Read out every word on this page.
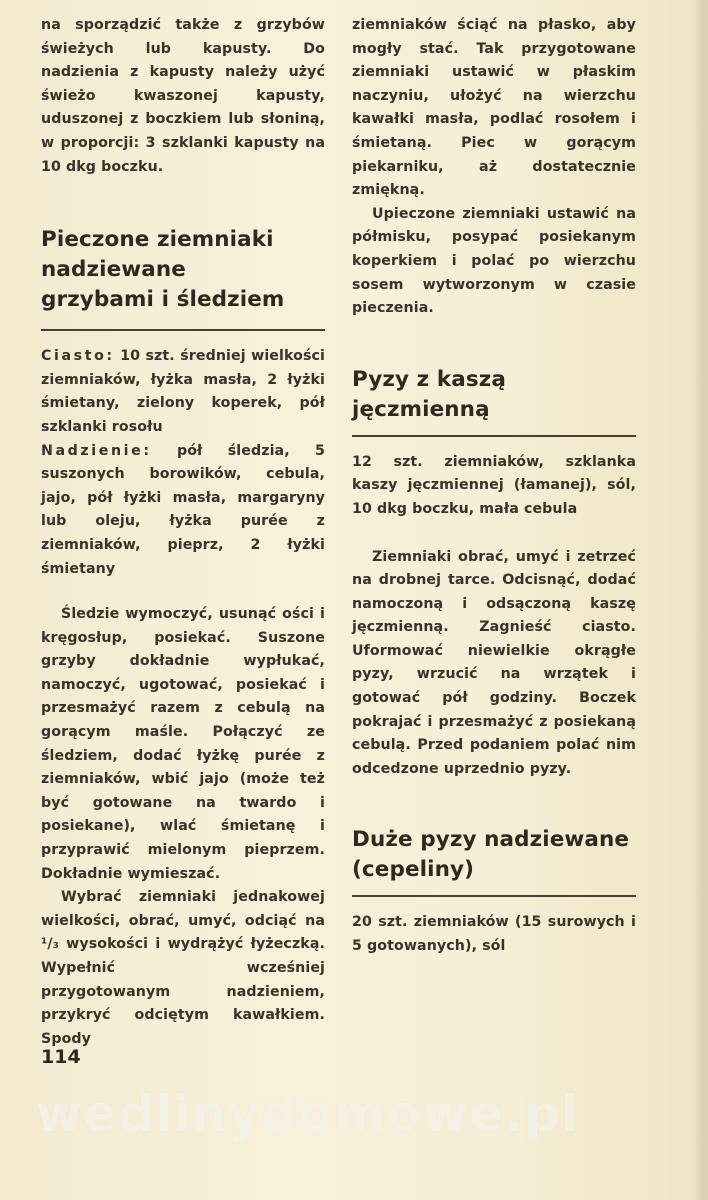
na sporządzić także z grzybów świeżych lub kapusty. Do nadzienia z kapusty należy użyć świeżo kwaszonej kapusty, uduszonej z boczkiem lub słoniną, w proporcji: 3 szklanki kapusty na 10 dkg boczku.

Pieczone ziemniaki nadziewane grzybami i śledziem

Ciasto: 10 szt. średniej wielkości ziemniaków, łyżka masła, 2 łyżki śmietany, zielony koperek, pół szklanki rosołu

Nadzienie: pół śledzia, 5 suszonych borowików, cebula, jajo, pół łyżki masła, margaryny lub oleju, łyżka purée z ziemniaków, pieprz, 2 łyżki śmietany

Śledzie wymoczyć, usunąć ości i kręgosłup, posiekać. Suszone grzyby dokładnie wypłukać, namoczyć, ugotować, posiekać i przesmażyć razem z cebulą na gorącym maśle. Połączyć ze śledziem, dodać łyżkę purée z ziemniaków, wbić jajo (może też być gotowane na twardo i posiekane), wlać śmietanę i przyprawić mielonym pieprzem. Dokładnie wymieszać.

Wybrać ziemniaki jednakowej wielkości, obrać, umyć, odciąć na ¹/₃ wysokości i wydrążyć łyżeczką. Wypełnić wcześniej przygotowanym nadzieniem, przykryć odciętym kawałkiem. Spody

ziemniaków ściąć na płasko, aby mogły stać. Tak przygotowane ziemniaki ustawić w płaskim naczyniu, ułożyć na wierzchu kawałki masła, podlać rosołem i śmietaną. Piec w gorącym piekarniku, aż dostatecznie zmiękną.

Upieczone ziemniaki ustawić na półmisku, posypać posiekanym koperkiem i polać po wierzchu sosem wytworzonym w czasie pieczenia.

Pyzy z kaszą jęczmienną

12 szt. ziemniaków, szklanka kaszy jęczmiennej (łamanej), sól, 10 dkg boczku, mała cebula

Ziemniaki obrać, umyć i zetrzeć na drobnej tarce. Odcisnąć, dodać namoczoną i odsączoną kaszę jęczmienną. Zagnieść ciasto. Uformować niewielkie okrągłe pyzy, wrzucić na wrzątek i gotować pół godziny. Boczek pokrajać i przesmażyć z posiekaną cebulą. Przed podaniem polać nim odcedzone uprzednio pyzy.

Duże pyzy nadziewane (cepeliny)

20 szt. ziemniaków (15 surowych i 5 gotowanych), sól

114
wedlinydomowe.pl
